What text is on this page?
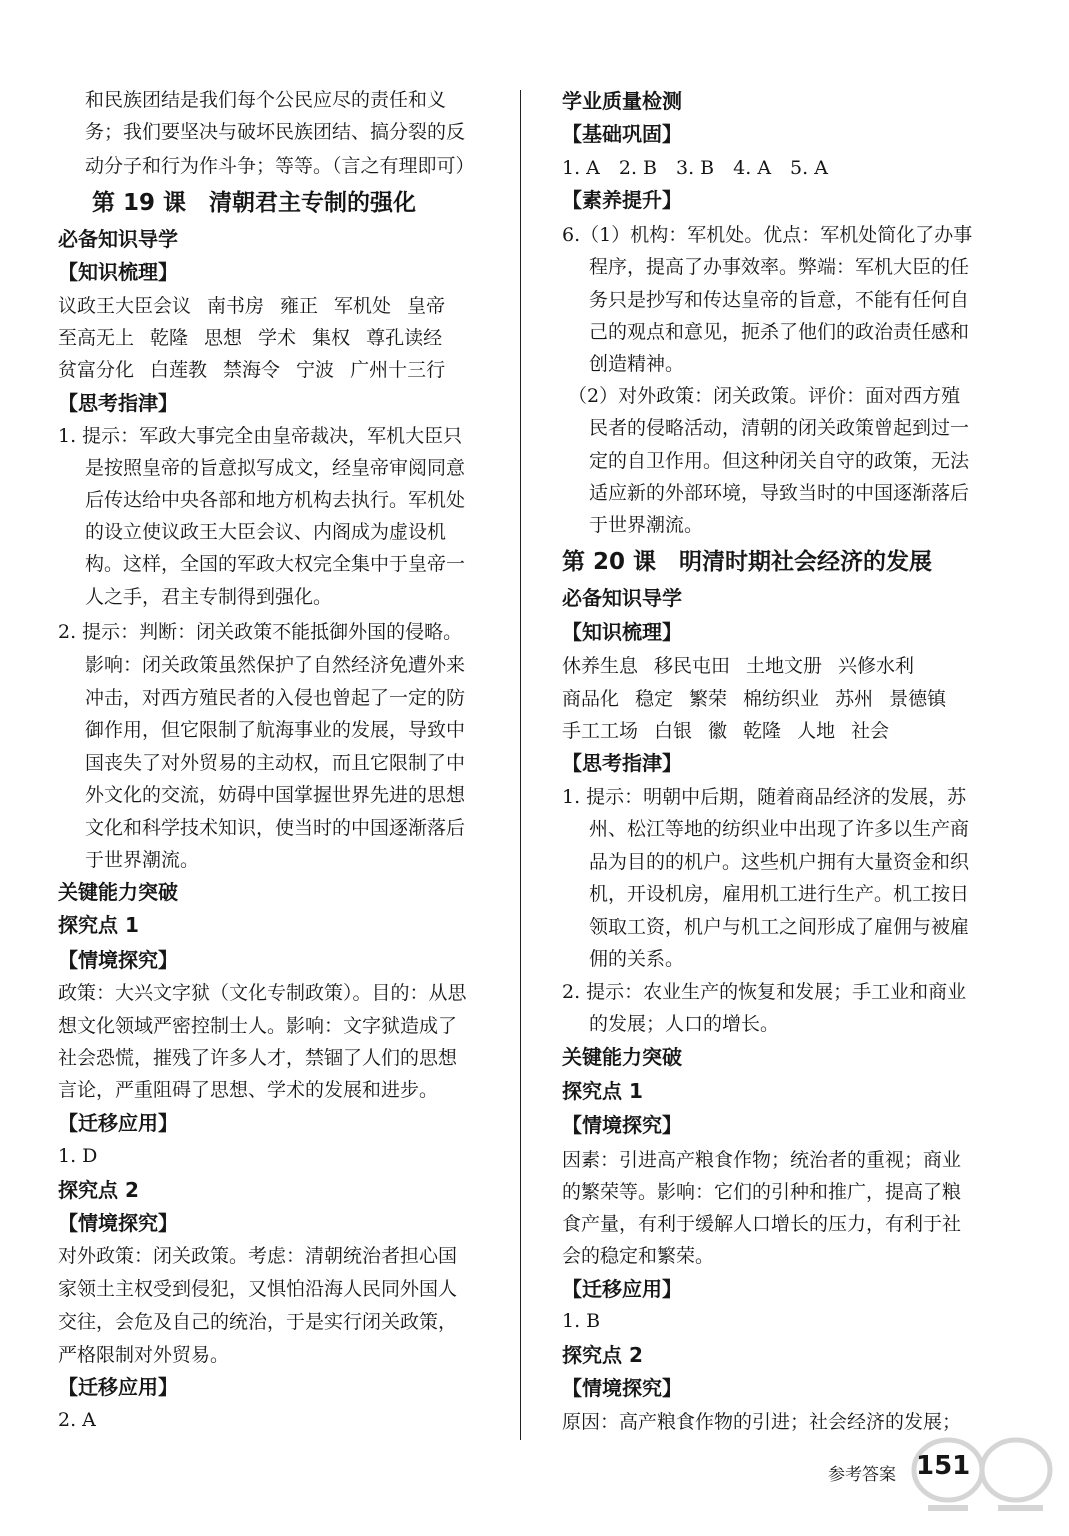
和民族团结是我们每个公民应尽的责任和义
务；我们要坚决与破坏民族团结、搞分裂的反
动分子和行为作斗争；等等。（言之有理即可）
第 19 课　清朝君主专制的强化
必备知识导学
【知识梳理】
议政王大臣会议 南书房 雍正 军机处 皇帝
至高无上 乾隆 思想 学术 集权 尊孔读经
贫富分化 白莲教 禁海令 宁波 广州十三行
【思考指津】
1. 提示：军政大事完全由皇帝裁决，军机大臣只
是按照皇帝的旨意拟写成文，经皇帝审阅同意
后传达给中央各部和地方机构去执行。军机处
的设立使议政王大臣会议、内阁成为虚设机
构。这样，全国的军政大权完全集中于皇帝一
人之手，君主专制得到强化。
2. 提示：判断：闭关政策不能抵御外国的侵略。
影响：闭关政策虽然保护了自然经济免遭外来
冲击，对西方殖民者的入侵也曾起了一定的防
御作用，但它限制了航海事业的发展，导致中
国丧失了对外贸易的主动权，而且它限制了中
外文化的交流，妨碍中国掌握世界先进的思想
文化和科学技术知识，使当时的中国逐渐落后
于世界潮流。
关键能力突破
探究点 1
【情境探究】
政策：大兴文字狱（文化专制政策）。目的：从思
想文化领域严密控制士人。影响：文字狱造成了
社会恐慌，摧残了许多人才，禁锢了人们的思想
言论，严重阻碍了思想、学术的发展和进步。
【迁移应用】
1. D
探究点 2
【情境探究】
对外政策：闭关政策。考虑：清朝统治者担心国
家领土主权受到侵犯，又惧怕沿海人民同外国人
交往，会危及自己的统治，于是实行闭关政策，
严格限制对外贸易。
【迁移应用】
2. A
学业质量检测
【基础巩固】
1. A　2. B　3. B　4. A　5. A
【素养提升】
6.（1）机构：军机处。优点：军机处简化了办事
程序，提高了办事效率。弊端：军机大臣的任
务只是抄写和传达皇帝的旨意，不能有任何自
己的观点和意见，扼杀了他们的政治责任感和
创造精神。
（2）对外政策：闭关政策。评价：面对西方殖
民者的侵略活动，清朝的闭关政策曾起到过一
定的自卫作用。但这种闭关自守的政策，无法
适应新的外部环境，导致当时的中国逐渐落后
于世界潮流。
第 20 课　明清时期社会经济的发展
必备知识导学
【知识梳理】
休养生息 移民屯田 土地文册 兴修水利
商品化 稳定 繁荣 棉纺织业 苏州 景德镇
手工工场 白银 徽 乾隆 人地 社会
【思考指津】
1. 提示：明朝中后期，随着商品经济的发展，苏
州、松江等地的纺织业中出现了许多以生产商
品为目的的机户。这些机户拥有大量资金和织
机，开设机房，雇用机工进行生产。机工按日
领取工资，机户与机工之间形成了雇佣与被雇
佣的关系。
2. 提示：农业生产的恢复和发展；手工业和商业
的发展；人口的增长。
关键能力突破
探究点 1
【情境探究】
因素：引进高产粮食作物；统治者的重视；商业
的繁荣等。影响：它们的引种和推广，提高了粮
食产量，有利于缓解人口增长的压力，有利于社
会的稳定和繁荣。
【迁移应用】
1. B
探究点 2
【情境探究】
原因：高产粮食作物的引进；社会经济的发展；
参考答案 151
